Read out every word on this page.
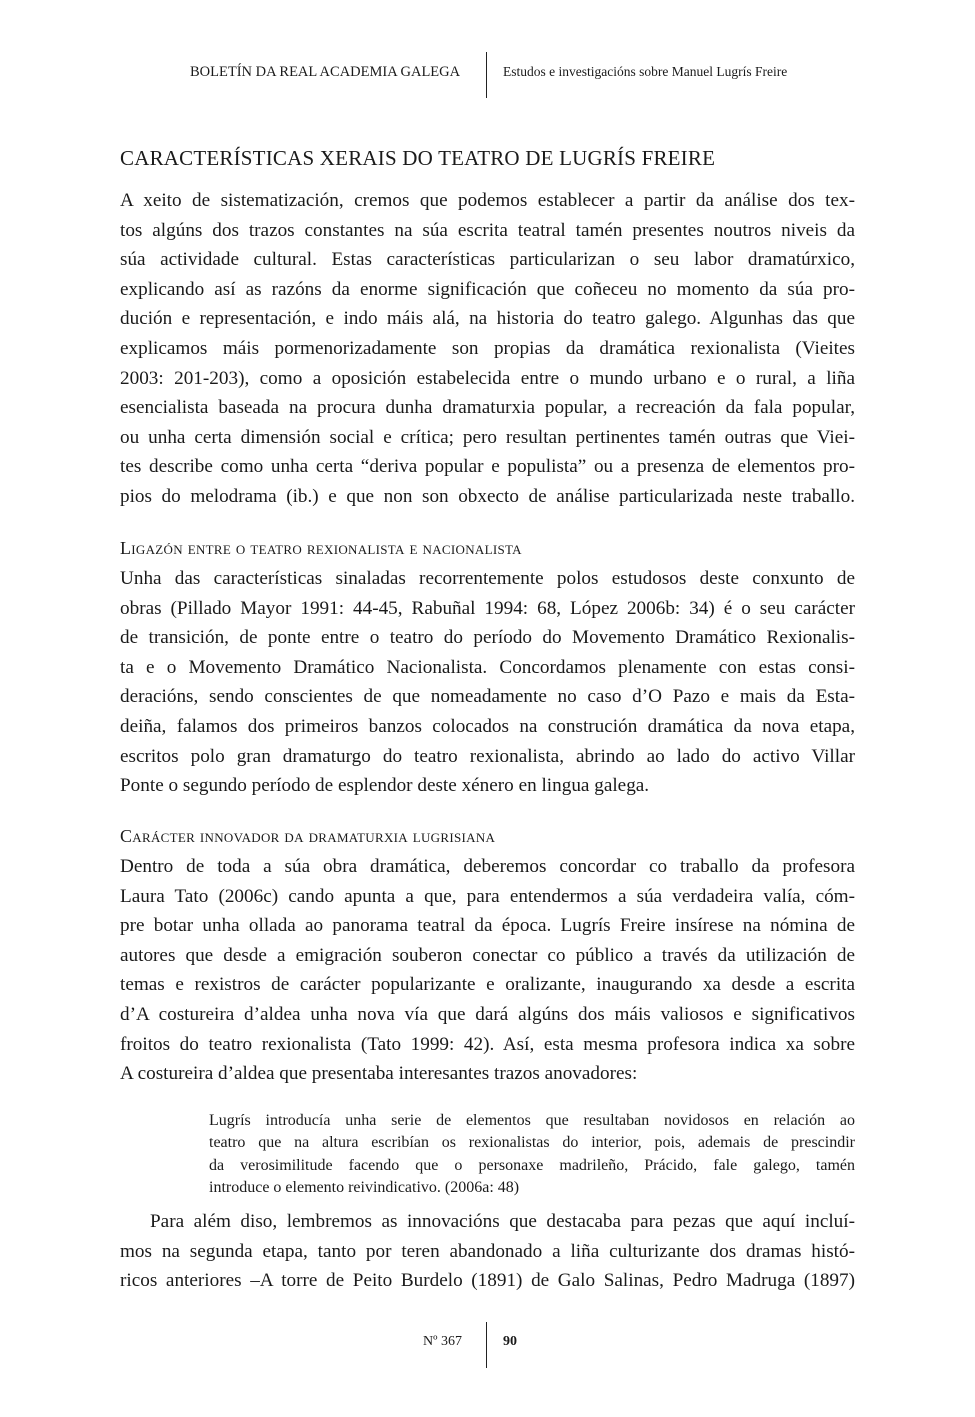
BOLETÍN DA REAL ACADEMIA GALEGA	Estudos e investigacións sobre Manuel Lugrís Freire
CARACTERÍSTICAS XERAIS DO TEATRO DE LUGRÍS FREIRE
A xeito de sistematización, cremos que podemos establecer a partir da análise dos tex-
tos algúns dos trazos constantes na súa escrita teatral tamén presentes noutros niveis da
súa actividade cultural. Estas características particularizan o seu labor dramatúrxico,
explicando así as razóns da enorme significación que coñeceu no momento da súa pro-
dución e representación, e indo máis alá, na historia do teatro galego. Algunhas das que
explicamos máis pormenorizadamente son propias da dramática rexionalista (Vieites
2003: 201-203), como a oposición estabelecida entre o mundo urbano e o rural, a liña
esencialista baseada na procura dunha dramaturxia popular, a recreación da fala popular,
ou unha certa dimensión social e crítica; pero resultan pertinentes tamén outras que Viei-
tes describe como unha certa “deriva popular e populista” ou a presenza de elementos pro-
pios do melodrama (ib.) e que non son obxecto de análise particularizada neste traballo.
Ligazón entre o teatro rexionalista e nacionalista
Unha das características sinaladas recorrentemente polos estudosos deste conxunto de
obras (Pillado Mayor 1991: 44-45, Rabuñal 1994: 68, López 2006b: 34) é o seu carácter
de transición, de ponte entre o teatro do período do Movemento Dramático Rexionalis-
ta e o Movemento Dramático Nacionalista. Concordamos plenamente con estas consi-
deracións, sendo conscientes de que nomeadamente no caso d’O Pazo e mais da Esta-
deiña, falamos dos primeiros banzos colocados na construción dramática da nova etapa,
escritos polo gran dramaturgo do teatro rexionalista, abrindo ao lado do activo Villar
Ponte o segundo período de esplendor deste xénero en lingua galega.
Carácter innovador da dramaturxia lugrisiana
Dentro de toda a súa obra dramática, deberemos concordar co traballo da profesora
Laura Tato (2006c) cando apunta a que, para entendermos a súa verdadeira valía, cóm-
pre botar unha ollada ao panorama teatral da época. Lugrís Freire insírese na nómina de
autores que desde a emigración souberon conectar co público a través da utilización de
temas e rexistros de carácter popularizante e oralizante, inaugurando xa desde a escrita
d’A costureira d’aldea unha nova vía que dará algúns dos máis valiosos e significativos
froitos do teatro rexionalista (Tato 1999: 42). Así, esta mesma profesora indica xa sobre
A costureira d’aldea que presentaba interesantes trazos anovadores:
Lugrís introducía unha serie de elementos que resultaban novidosos en relación ao
teatro que na altura escribían os rexionalistas do interior, pois, ademais de prescindir
da verosimilitude facendo que o personaxe madrileño, Prácido, fale galego, tamén
introduce o elemento reivindicativo. (2006a: 48)
Para além diso, lembremos as innovacións que destacaba para pezas que aquí incluí-
mos na segunda etapa, tanto por teren abandonado a liña culturizante dos dramas histó-
ricos anteriores –A torre de Peito Burdelo (1891) de Galo Salinas, Pedro Madruga (1897)
Nº 367	90
